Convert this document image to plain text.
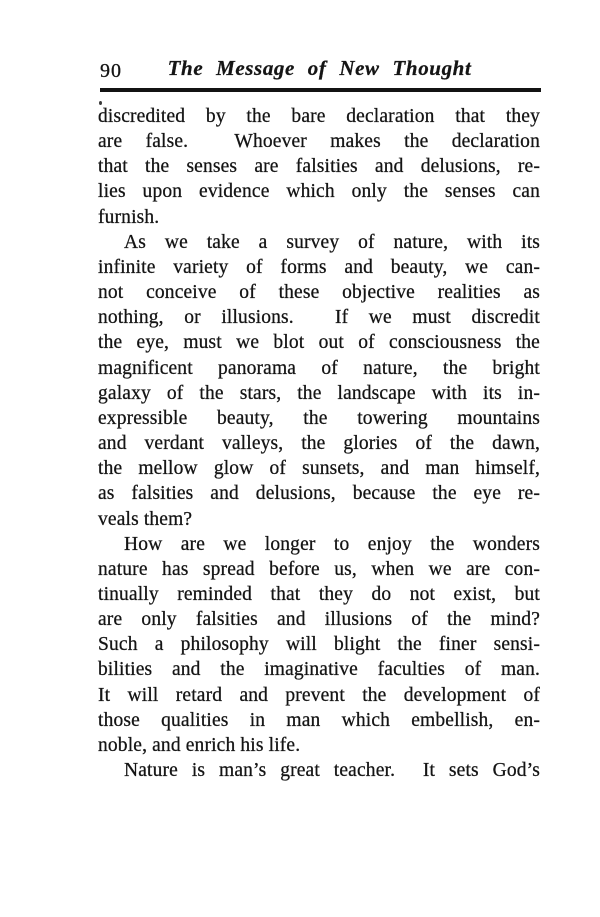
90	The Message of New Thought
discredited by the bare declaration that they
are false.  Whoever makes the declaration
that the senses are falsities and delusions, re-
lies upon evidence which only the senses can
furnish.
As we take a survey of nature, with its
infinite variety of forms and beauty, we can-
not conceive of these objective realities as
nothing, or illusions.  If we must discredit
the eye, must we blot out of consciousness the
magnificent panorama of nature, the bright
galaxy of the stars, the landscape with its in-
expressible beauty, the towering mountains
and verdant valleys, the glories of the dawn,
the mellow glow of sunsets, and man himself,
as falsities and delusions, because the eye re-
veals them?
How are we longer to enjoy the wonders
nature has spread before us, when we are con-
tinually reminded that they do not exist, but
are only falsities and illusions of the mind?
Such a philosophy will blight the finer sensi-
bilities and the imaginative faculties of man.
It will retard and prevent the development of
those qualities in man which embellish, en-
noble, and enrich his life.
Nature is man’s great teacher.  It sets God’s
